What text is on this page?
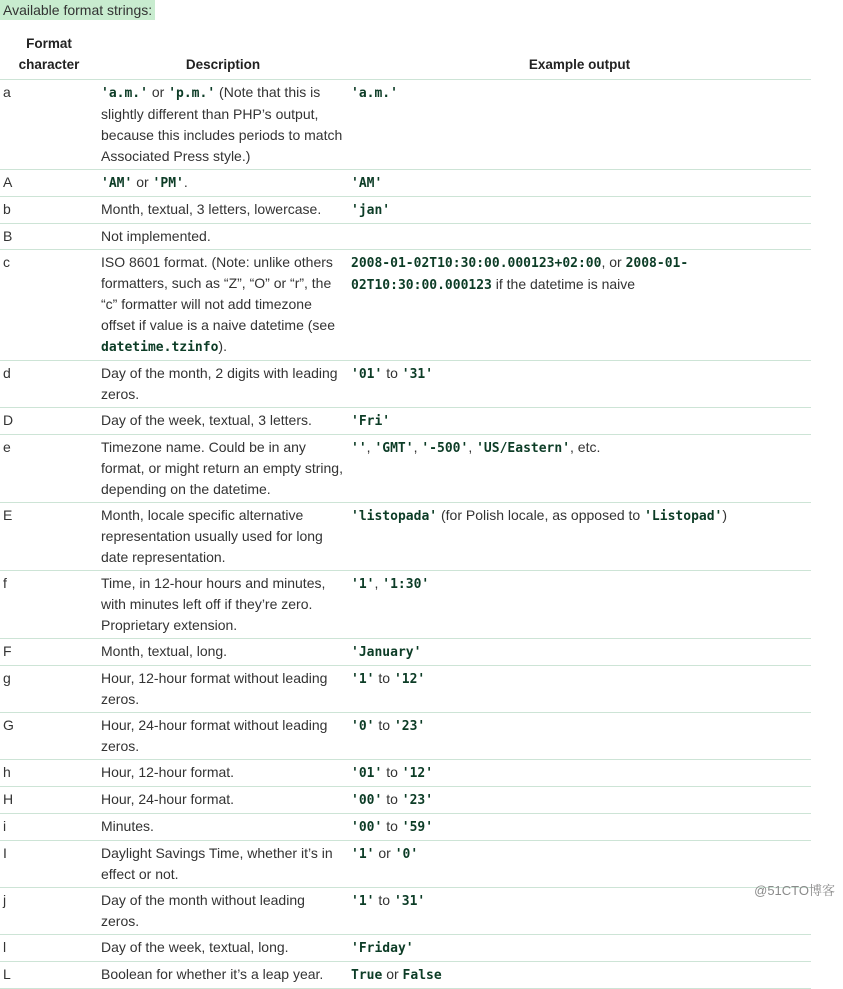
Available format strings:
Format
character	Description	Example output
a	'a.m.' or 'p.m.' (Note that this is slightly different than PHP’s output, because this includes periods to match Associated Press style.)	'a.m.'
A	'AM' or 'PM'.	'AM'
b	Month, textual, 3 letters, lowercase.	'jan'
B	Not implemented.	
c	ISO 8601 format. (Note: unlike others formatters, such as “Z”, “O” or “r”, the “c” formatter will not add timezone offset if value is a naive datetime (see datetime.tzinfo).	2008-01-02T10:30:00.000123+02:00, or 2008-01-02T10:30:00.000123 if the datetime is naive
d	Day of the month, 2 digits with leading zeros.	'01' to '31'
D	Day of the week, textual, 3 letters.	'Fri'
e	Timezone name. Could be in any format, or might return an empty string, depending on the datetime.	'', 'GMT', '-500', 'US/Eastern', etc.
E	Month, locale specific alternative representation usually used for long date representation.	'listopada' (for Polish locale, as opposed to 'Listopad')
f	Time, in 12-hour hours and minutes, with minutes left off if they’re zero. Proprietary extension.	'1', '1:30'
F	Month, textual, long.	'January'
g	Hour, 12-hour format without leading zeros.	'1' to '12'
G	Hour, 24-hour format without leading zeros.	'0' to '23'
h	Hour, 12-hour format.	'01' to '12'
H	Hour, 24-hour format.	'00' to '23'
i	Minutes.	'00' to '59'
I	Daylight Savings Time, whether it’s in effect or not.	'1' or '0'
j	Day of the month without leading zeros.	'1' to '31'
l	Day of the week, textual, long.	'Friday'
L	Boolean for whether it’s a leap year.	True or False
@51CTO博客
